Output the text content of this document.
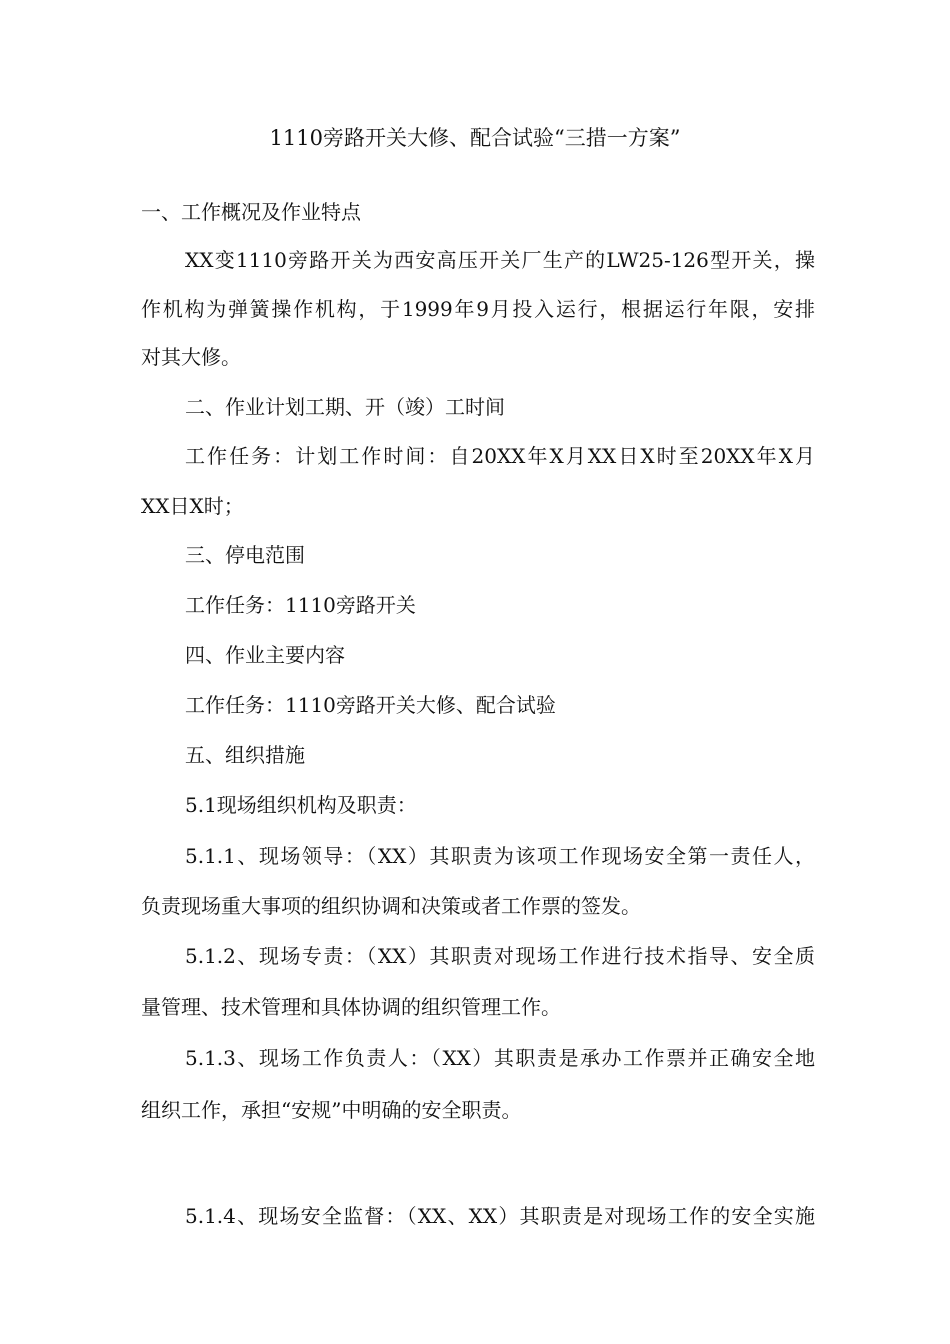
1110旁路开关大修、配合试验“三措一方案”

一、工作概况及作业特点

XX变1110旁路开关为西安高压开关厂生产的LW25-126型开关，操

作机构为弹簧操作机构，于1999年9月投入运行，根据运行年限，安排

对其大修。

二、作业计划工期、开（竣）工时间

工作任务：计划工作时间：自20XX年X月XX日X时至20XX年X月

XX日X时；

三、停电范围

工作任务：1110旁路开关

四、作业主要内容

工作任务：1110旁路开关大修、配合试验

五、组织措施

5.1现场组织机构及职责：

5.1.1、现场领导：（XX）其职责为该项工作现场安全第一责任人，

负责现场重大事项的组织协调和决策或者工作票的签发。

5.1.2、现场专责：（XX）其职责对现场工作进行技术指导、安全质

量管理、技术管理和具体协调的组织管理工作。

5.1.3、现场工作负责人：（XX）其职责是承办工作票并正确安全地

组织工作，承担“安规”中明确的安全职责。

5.1.4、现场安全监督：（XX、XX）其职责是对现场工作的安全实施
